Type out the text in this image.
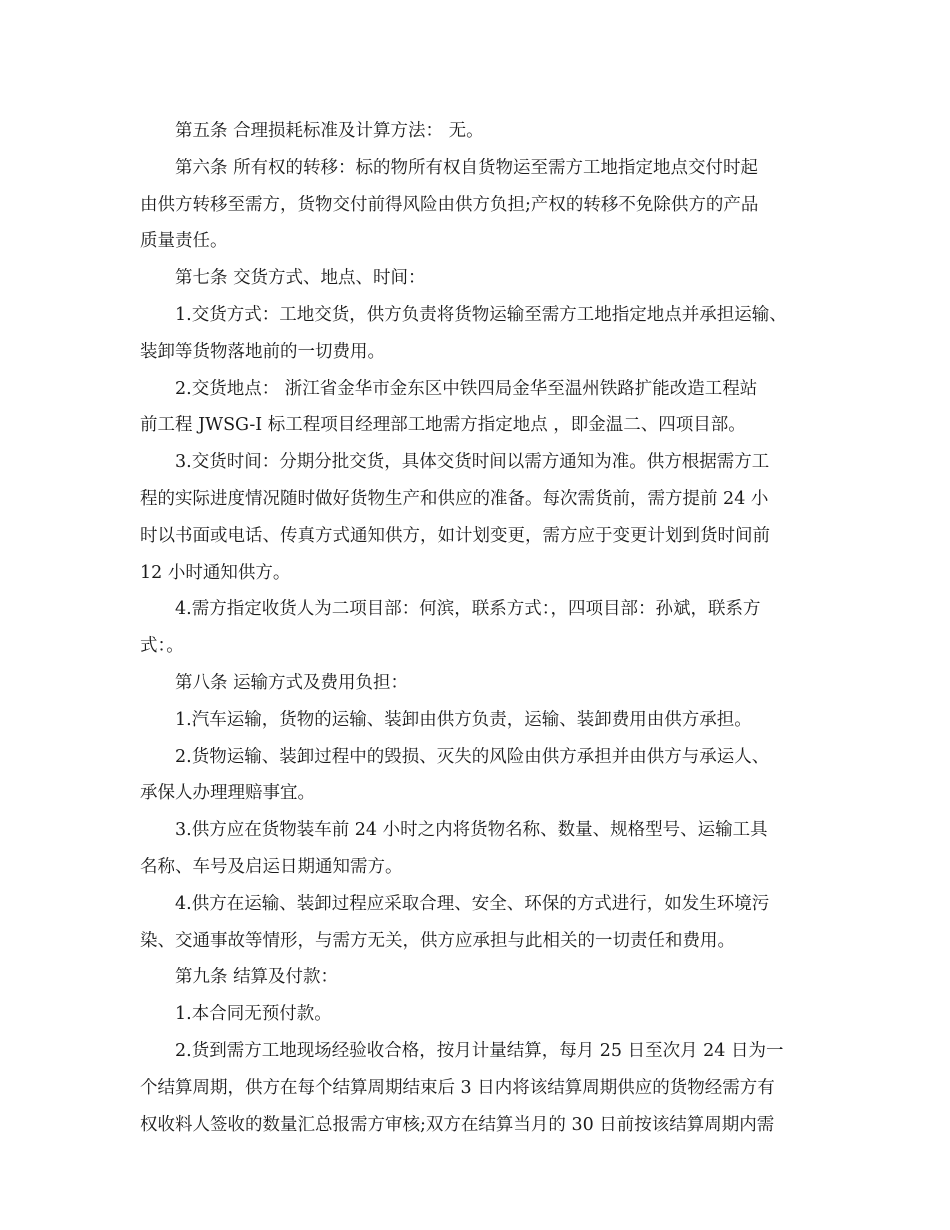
第五条 合理损耗标准及计算方法： 无。
第六条 所有权的转移：标的物所有权自货物运至需方工地指定地点交付时起
由供方转移至需方，货物交付前得风险由供方负担;产权的转移不免除供方的产品
质量责任。
第七条 交货方式、地点、时间：
1.交货方式：工地交货，供方负责将货物运输至需方工地指定地点并承担运输、
装卸等货物落地前的一切费用。
2.交货地点： 浙江省金华市金东区中铁四局金华至温州铁路扩能改造工程站
前工程 JWSG-Ⅰ 标工程项目经理部工地需方指定地点 ，即金温二、四项目部。
3.交货时间：分期分批交货，具体交货时间以需方通知为准。供方根据需方工
程的实际进度情况随时做好货物生产和供应的准备。每次需货前，需方提前 24 小
时以书面或电话、传真方式通知供方，如计划变更，需方应于变更计划到货时间前
12 小时通知供方。
4.需方指定收货人为二项目部：何滨，联系方式：，四项目部：孙斌，联系方
式：。
第八条 运输方式及费用负担：
1.汽车运输，货物的运输、装卸由供方负责，运输、装卸费用由供方承担。
2.货物运输、装卸过程中的毁损、灭失的风险由供方承担并由供方与承运人、
承保人办理理赔事宜。
3.供方应在货物装车前 24 小时之内将货物名称、数量、规格型号、运输工具
名称、车号及启运日期通知需方。
4.供方在运输、装卸过程应采取合理、安全、环保的方式进行，如发生环境污
染、交通事故等情形，与需方无关，供方应承担与此相关的一切责任和费用。
第九条 结算及付款：
1.本合同无预付款。
2.货到需方工地现场经验收合格，按月计量结算，每月 25 日至次月 24 日为一
个结算周期，供方在每个结算周期结束后 3 日内将该结算周期供应的货物经需方有
权收料人签收的数量汇总报需方审核;双方在结算当月的 30 日前按该结算周期内需
